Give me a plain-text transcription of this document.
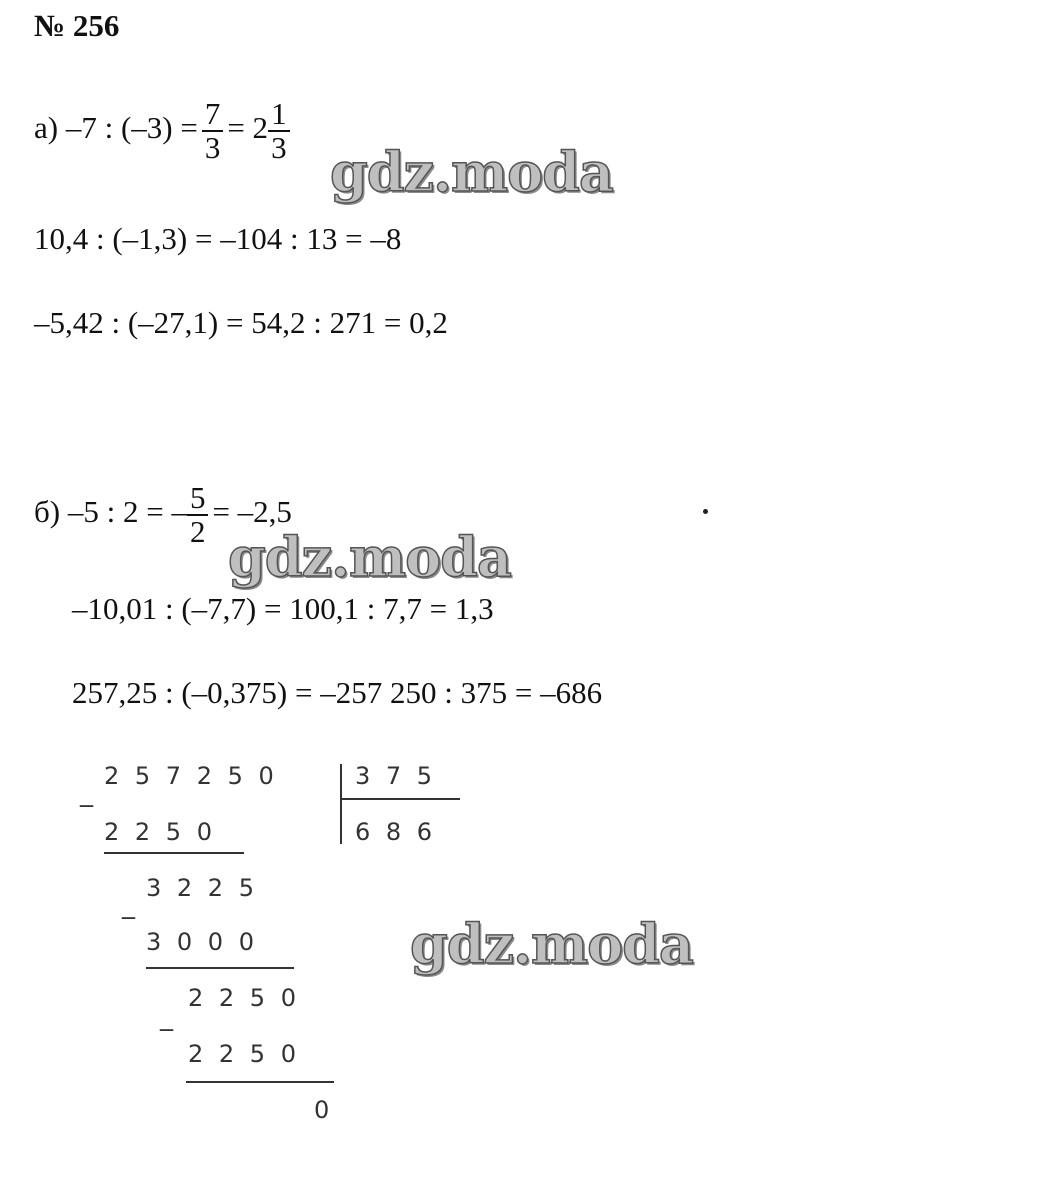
№ 256
а) –7 : $(-3) = \frac{7}{3} = 2 \frac{1}{3}$
gdz.moda
10,4 : (–1,3) = –104 : 13 = –8
–5,42 : (–27,1) = 54,2 : 271 = 0,2
б) –5 : 2 = – $\frac{5}{2} = -2,5$
gdz.moda
–10,01 : (–7,7) = 100,1 : 7,7 = 1,3
257,25 : (–0,375) = –257 250 : 375 = –686
2 5 7 2 5 0	3 7 5
6 8 6
_
2 2 5 0
3 2 2 5
_
3 0 0 0
2 2 5 0
_
2 2 5 0
0
gdz.moda
